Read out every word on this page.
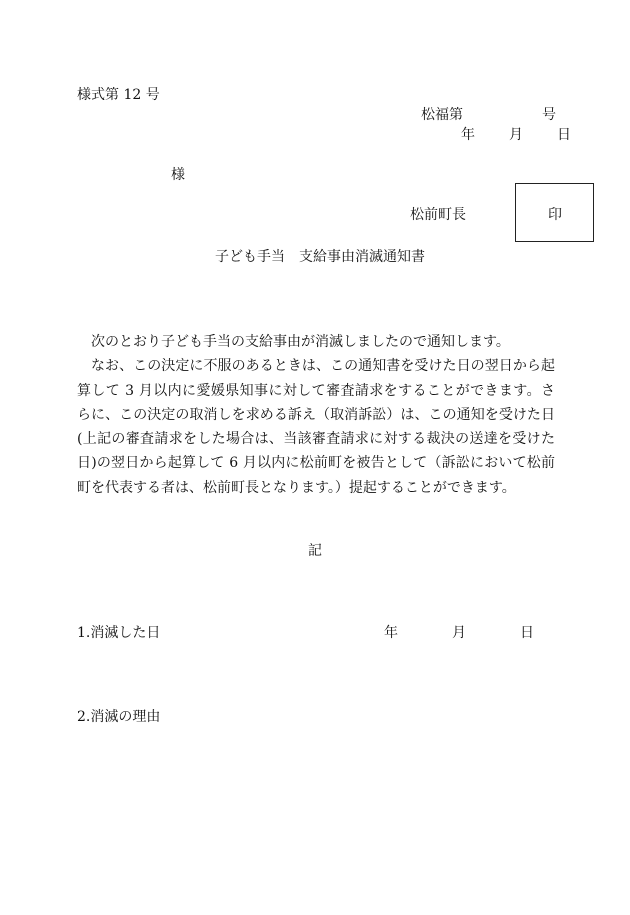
様式第 12 号
松福第	号
年 月 日
様
松前町長	印
子ども手当 支給事由消滅通知書

次のとおり子ども手当の支給事由が消滅しましたので通知します。

なお、この決定に不服のあるときは、この通知書を受けた日の翌日から起算して 3 月以内に愛媛県知事に対して審査請求をすることができます。さらに、この決定の取消しを求める訴え（取消訴訟）は、この通知を受けた日(上記の審査請求をした場合は、当該審査請求に対する裁決の送達を受けた日)の翌日から起算して 6 月以内に松前町を被告として（訴訟において松前町を代表する者は、松前町長となります。）提起することができます。

記
1.消滅した日	年	月	日
2.消滅の理由
